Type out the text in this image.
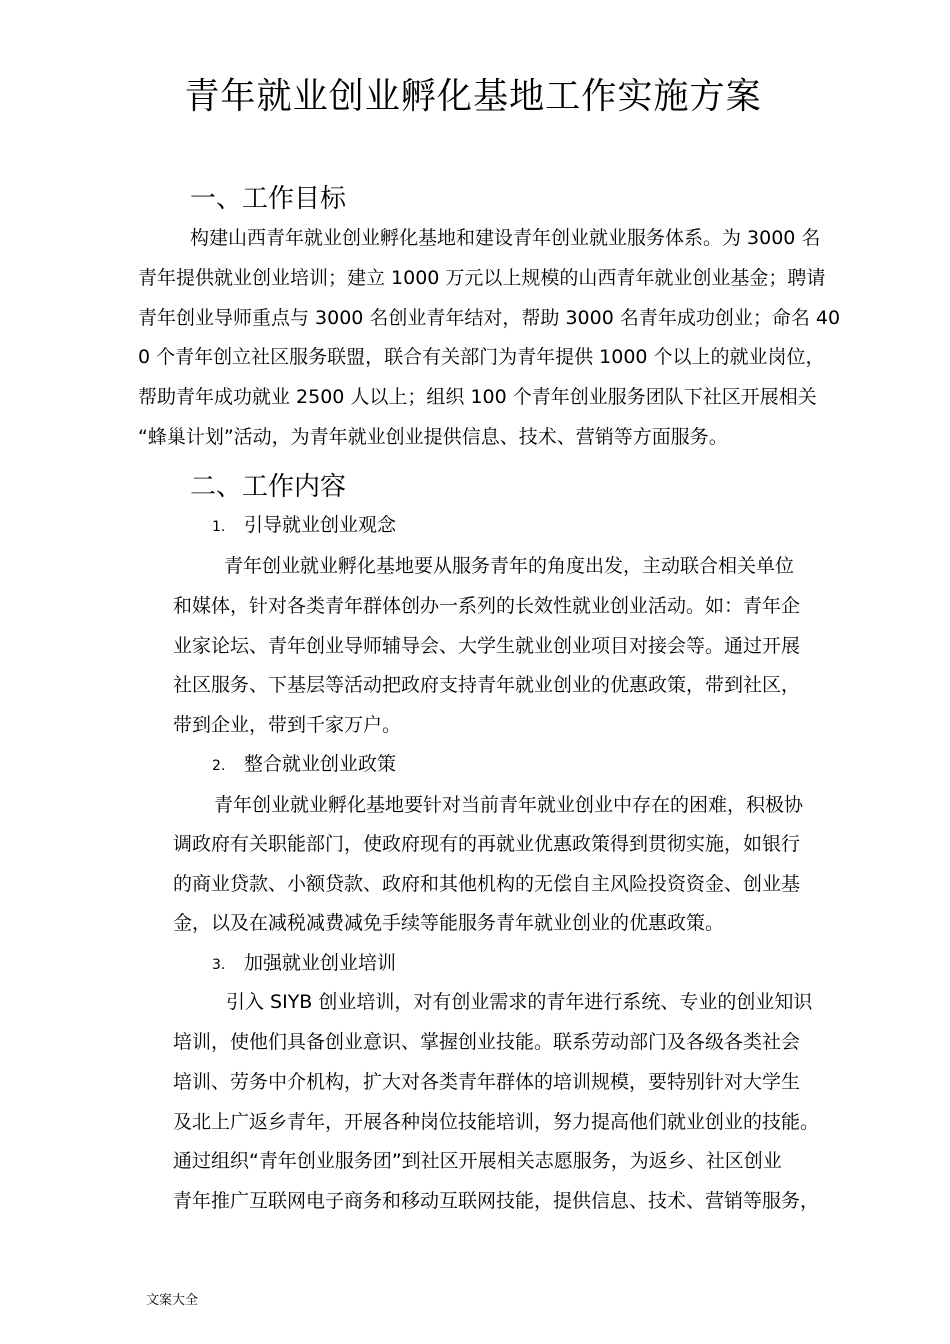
青年就业创业孵化基地工作实施方案
一、工作目标
构建山西青年就业创业孵化基地和建设青年创业就业服务体系。为 3000 名
青年提供就业创业培训；建立 1000 万元以上规模的山西青年就业创业基金；聘请
青年创业导师重点与 3000 名创业青年结对，帮助 3000 名青年成功创业；命名 40
0 个青年创立社区服务联盟，联合有关部门为青年提供 1000 个以上的就业岗位，
帮助青年成功就业 2500 人以上；组织 100 个青年创业服务团队下社区开展相关
“蜂巢计划”活动，为青年就业创业提供信息、技术、营销等方面服务。
二、工作内容
1. 引导就业创业观念
青年创业就业孵化基地要从服务青年的角度出发，主动联合相关单位
和媒体，针对各类青年群体创办一系列的长效性就业创业活动。如：青年企
业家论坛、青年创业导师辅导会、大学生就业创业项目对接会等。通过开展
社区服务、下基层等活动把政府支持青年就业创业的优惠政策，带到社区，
带到企业，带到千家万户。
2. 整合就业创业政策
青年创业就业孵化基地要针对当前青年就业创业中存在的困难，积极协
调政府有关职能部门，使政府现有的再就业优惠政策得到贯彻实施，如银行
的商业贷款、小额贷款、政府和其他机构的无偿自主风险投资资金、创业基
金，以及在减税减费减免手续等能服务青年就业创业的优惠政策。
3. 加强就业创业培训
引入 SIYB 创业培训，对有创业需求的青年进行系统、专业的创业知识
培训，使他们具备创业意识、掌握创业技能。联系劳动部门及各级各类社会
培训、劳务中介机构，扩大对各类青年群体的培训规模，要特别针对大学生
及北上广返乡青年，开展各种岗位技能培训，努力提高他们就业创业的技能。
通过组织“青年创业服务团”到社区开展相关志愿服务，为返乡、社区创业
青年推广互联网电子商务和移动互联网技能，提供信息、技术、营销等服务，
文案大全
